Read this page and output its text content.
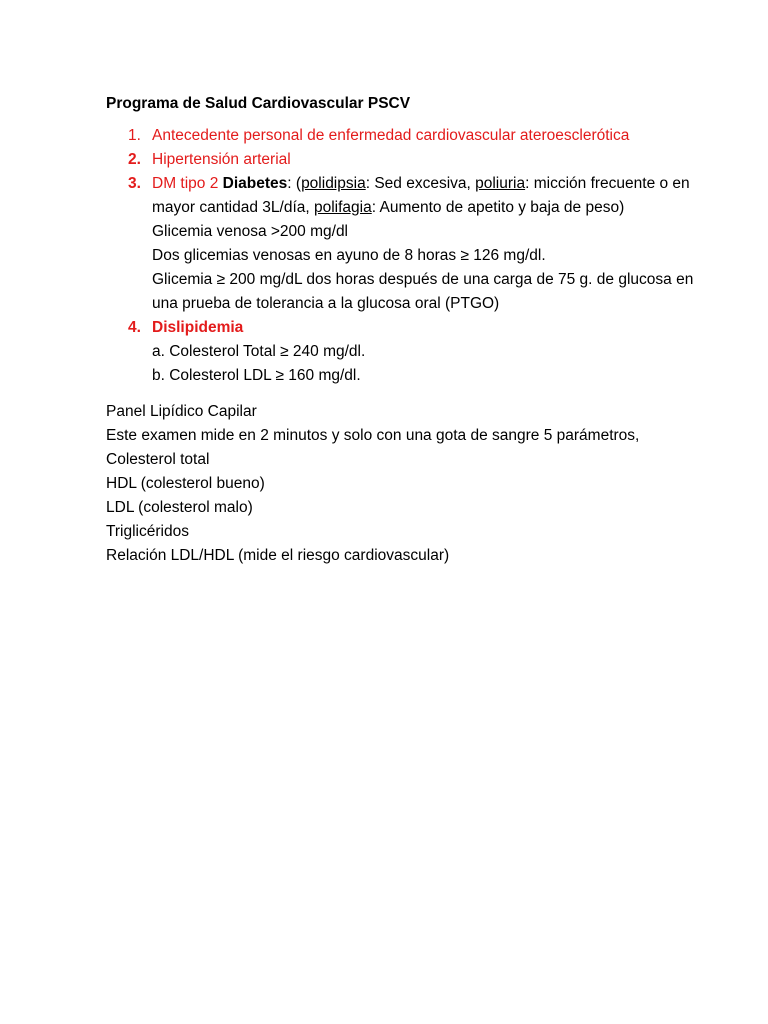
Programa de Salud Cardiovascular PSCV
1. Antecedente personal de enfermedad cardiovascular ateroesclerótica
2. Hipertensión arterial
3. DM tipo 2 Diabetes: (polidipsia: Sed excesiva, poliuria: micción frecuente o en mayor cantidad 3L/día, polifagia: Aumento de apetito y baja de peso)
Glicemia venosa >200 mg/dl
Dos glicemias venosas en ayuno de 8 horas ≥ 126 mg/dl.
Glicemia ≥ 200 mg/dL dos horas después de una carga de 75 g. de glucosa en una prueba de tolerancia a la glucosa oral (PTGO)
4. Dislipidemia
a. Colesterol Total ≥ 240 mg/dl.
b. Colesterol LDL ≥ 160 mg/dl.
Panel Lipídico Capilar
Este examen mide en 2 minutos y solo con una gota de sangre 5 parámetros,
Colesterol total
HDL (colesterol bueno)
LDL (colesterol malo)
Triglicéridos
Relación LDL/HDL (mide el riesgo cardiovascular)
